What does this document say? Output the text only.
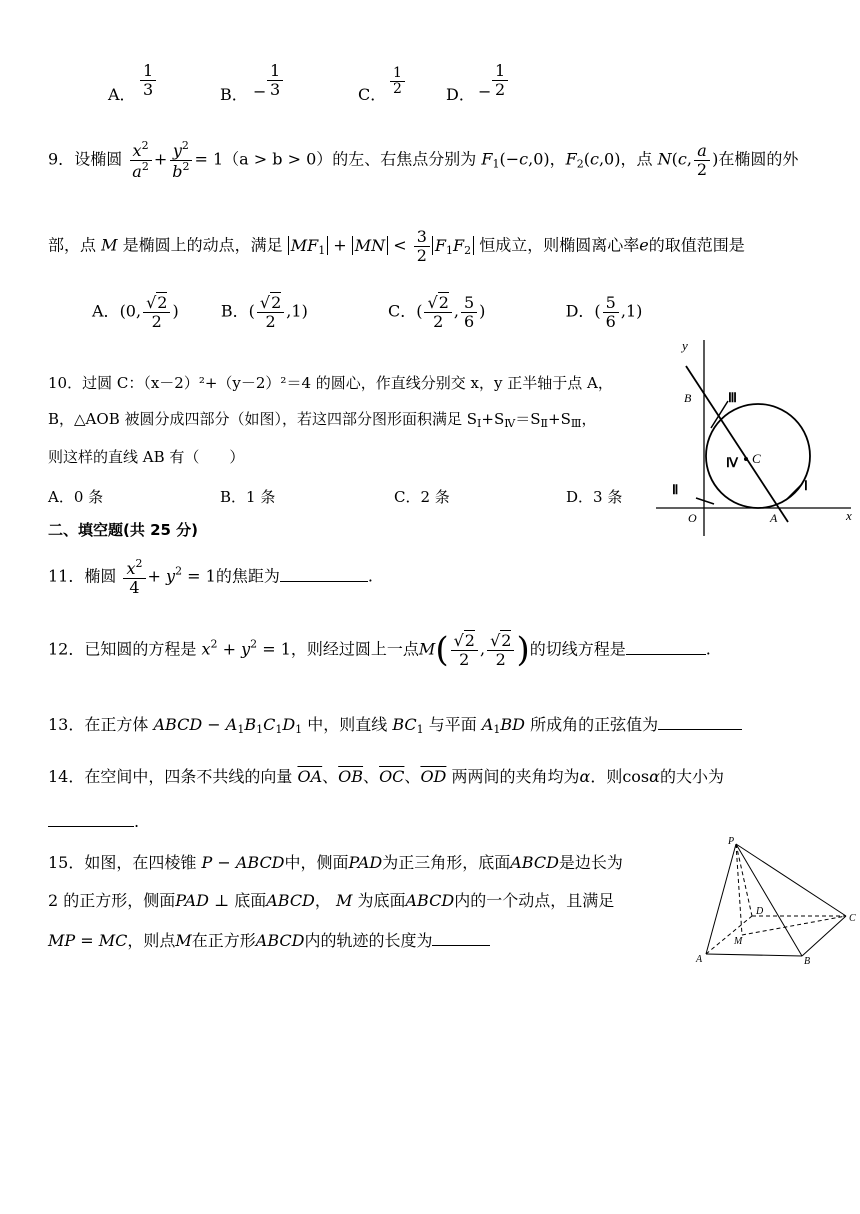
A． $\frac{1}{3}$	B． − $\frac{1}{3}$	C． $\frac{1}{2}$	D． − $\frac{1}{2}$
9．设椭圆 $\frac{x^2}{a^2} + \frac{y^2}{b^2} = 1(a > b > 0)$的左、右焦点分别为 $F_1(-c,0)$，$F_2(c,0)$，点 N(c, $\frac{a}{2}$ )在椭圆的外
部，点 M 是椭圆上的动点，满足 $MF_1$ + MN < $\frac{3}{2} F_1F_2$ 恒成立，则椭圆离心率e的取值范围是
A．(0, $\frac{√2}{2}$ )  B．( $\frac{√2}{2} ,1$)	C．( $\frac{√2}{2}$ , $\frac{5}{6}$ )	D．( $\frac{5}{6} ,1$)
10．过圆 C：（x－2）²+（y－2）²＝4 的圆心，作直线分别交 x，y 正半轴于点 A，
B，△AOB 被圆分成四部分（如图），若这四部分图形面积满足 $S_Ⅰ+S_Ⅳ=S_Ⅱ+S_Ⅲ$，
则这样的直线 AB 有（　　）
A．0 条	B．1 条	C．2 条	D．3 条
y
x
O	A
B
C
Ⅲ
Ⅱ	Ⅰ
Ⅳ
二、填空题(共 25 分)
11．椭圆 $\frac{x^2}{4} + y^2 = 1$的焦距为	.
12．已知圆的方程是 $x^2 + y^2 = 1$，则经过圆上一点$M( \frac{√2}{2}$ , $\frac{√2}{2}$ )的切线方程是	.
13．在正方体 ABCD − $A_1B_1C_1D_1$ 中，则直线 $BC_1$ 与平面 $A_1BD$ 所成角的正弦值为
14．在空间中，四条不共线的向量 $\overline{OA}$、$\overline{OB}$、$\overline{OC}$、$\overline{OD}$ 两两间的夹角均为α．则cosα的大小为
.
15．如图，在四棱锥 P − ABCD中，侧面PAD为正三角形，底面ABCD是边长为
2 的正方形，侧面PAD ⊥ 底面ABCD， M 为底面ABCD内的一个动点，且满足
MP = MC，则点M在正方形ABCD内的轨迹的长度为
P
A	B
C
D
M
